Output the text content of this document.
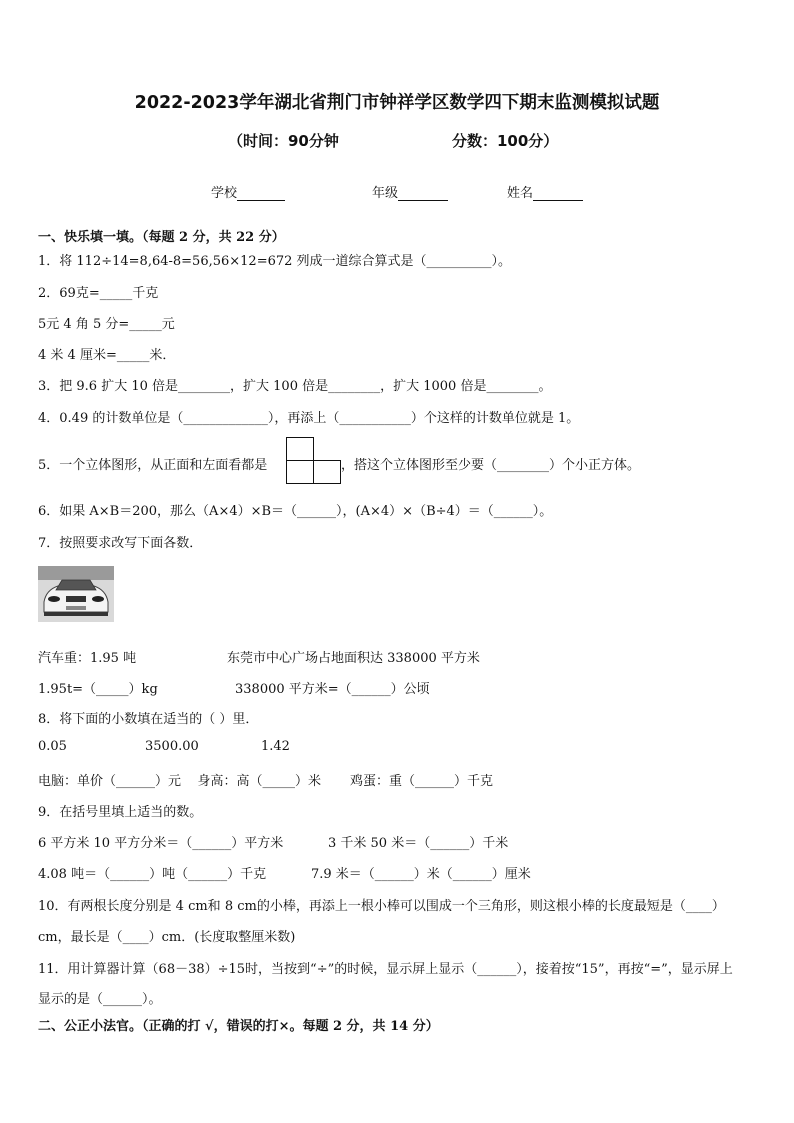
2022-2023学年湖北省荆门市钟祥学区数学四下期末监测模拟试题
（时间：90分钟	分数：100分）
学校	年级	姓名
一、快乐填一填。（每题 2 分，共 22 分）
1．将 112÷14=8,64-8=56,56×12=672 列成一道综合算式是（__________）。
2．69克=_____千克
5元 4 角 5 分=_____元
4 米 4 厘米=_____米．
3．把 9.6 扩大 10 倍是________，扩大 100 倍是________，扩大 1000 倍是________。
4．0.49 的计数单位是（_____________），再添上（___________）个这样的计数单位就是 1。
5．一个立体图形，从正面和左面看都是	，搭这个立体图形至少要（________）个小正方体。
6．如果 A×B＝200，那么（A×4）×B＝（______），(A×4）×（B÷4）＝（______）。
7．按照要求改写下面各数．
汽车重：1.95 吨	东莞市中心广场占地面积达 338000 平方米
1.95t=（_____）kg	338000 平方米=（______）公顷
8．将下面的小数填在适当的（ ）里．
0.05	3500.00	1.42
电脑：单价（______）元    身高：高（_____）米       鸡蛋：重（______）千克
9．在括号里填上适当的数。
6 平方米 10 平方分米＝（______）平方米	3 千米 50 米＝（______）千米
4.08 吨＝（______）吨（______）千克	7.9 米＝（______）米（______）厘米
10．有两根长度分别是 4 cm和 8 cm的小棒，再添上一根小棒可以围成一个三角形，则这根小棒的长度最短是（____）
cm，最长是（____）cm．(长度取整厘米数)
11．用计算器计算（68－38）÷15时，当按到“÷”的时候，显示屏上显示（______），接着按“15”，再按“=”，显示屏上
显示的是（______）。
二、公正小法官。（正确的打 √，错误的打×。每题 2 分，共 14 分）
